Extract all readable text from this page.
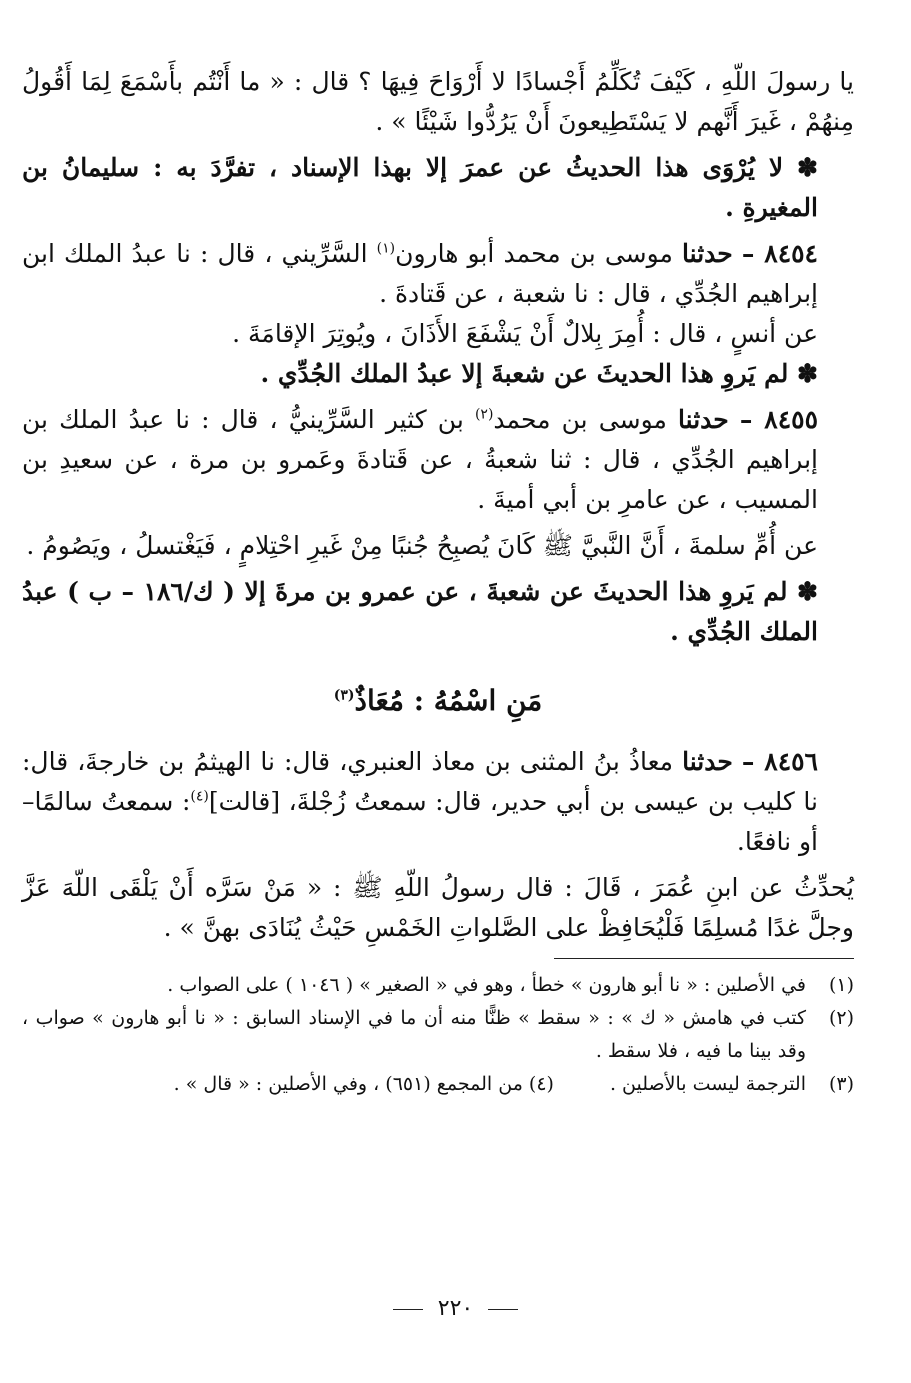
يا رسولَ اللّهِ ، كَيْفَ تُكَلِّمُ أَجْسادًا لا أَرْوَاحَ فِيهَا ؟ قال : « ما أَنْتُم بأَسْمَعَ لِمَا أَقُولُ مِنهُمْ ، غَيرَ أَنَّهم لا يَسْتَطِيعونَ أَنْ يَرُدُّوا شَيْئًا » .

✽ لا يُرْوَى هذا الحديثُ عن عمرَ إلا بهذا الإسناد ، تفرَّدَ به : سليمانُ بن المغيرةِ .

٨٤٥٤ – حدثنا موسى بن محمد أبو هارون$^{(١)}$ السَّرِّيني ، قال : نا عبدُ الملك ابن إبراهيم الجُدِّي ، قال : نا شعبة ، عن قَتادةَ .

عن أنسٍ ، قال : أُمِرَ بِلالٌ أَنْ يَشْفَعَ الأَذَانَ ، ويُوتِرَ الإقامَةَ .

✽ لم يَروِ هذا الحديثَ عن شعبةَ إلا عبدُ الملك الجُدِّي .

٨٤٥٥ – حدثنا موسى بن محمد$^{(٢)}$ بن كثير السَّرِّينيُّ ، قال : نا عبدُ الملك بن إبراهيم الجُدِّي ، قال : ثنا شعبةُ ، عن قَتادةَ وعَمرو بن مرة ، عن سعيدِ بن المسيب ، عن عامرِ بن أبي أميةَ .

عن أُمِّ سلمةَ ، أَنَّ النَّبيَّ ﷺ كَانَ يُصبِحُ جُنبًا مِنْ غَيرِ احْتِلامٍ ، فَيَغْتسلُ ، ويَصُومُ .

✽ لم يَروِ هذا الحديثَ عن شعبةَ ، عن عمرو بن مرةَ إلا ( ك/١٨٦ – ب ) عبدُ الملك الجُدِّي .

مَنِ اسْمُهُ : مُعَاذٌ$^{(٣)}$

٨٤٥٦ – حدثنا معاذُ بنُ المثنى بن معاذ العنبري، قال: نا الهيثمُ بن خارجةَ، قال: نا كليب بن عيسى بن أبي حدير، قال: سمعتُ زُجْلةَ، [قالت]$^{(٤)}$: سمعتُ سالمًا– أو نافعًا.

يُحدِّثُ عن ابنِ عُمَرَ ، قَالَ : قال رسولُ اللّهِ ﷺ : « مَنْ سَرَّه أَنْ يَلْقَى اللّهَ عَزَّ وجلَّ غدًا مُسلِمًا فَلْيُحَافِظْ على الصَّلواتِ الخَمْسِ حَيْثُ يُنَادَى بهنَّ » .

(١)
في الأصلين : « نا أبو هارون » خطأ ، وهو في « الصغير » ( ١٠٤٦ ) على الصواب .
(٢)
كتب في هامش « ك » : « سقط » ظنًّا منه أن ما في الإسناد السابق : « نا أبو هارون » صواب ، وقد بينا ما فيه ، فلا سقط .
(٣)
الترجمة ليست بالأصلين .
(٤) من المجمع (٦٥١) ، وفي الأصلين : « قال » .
٢٢٠
